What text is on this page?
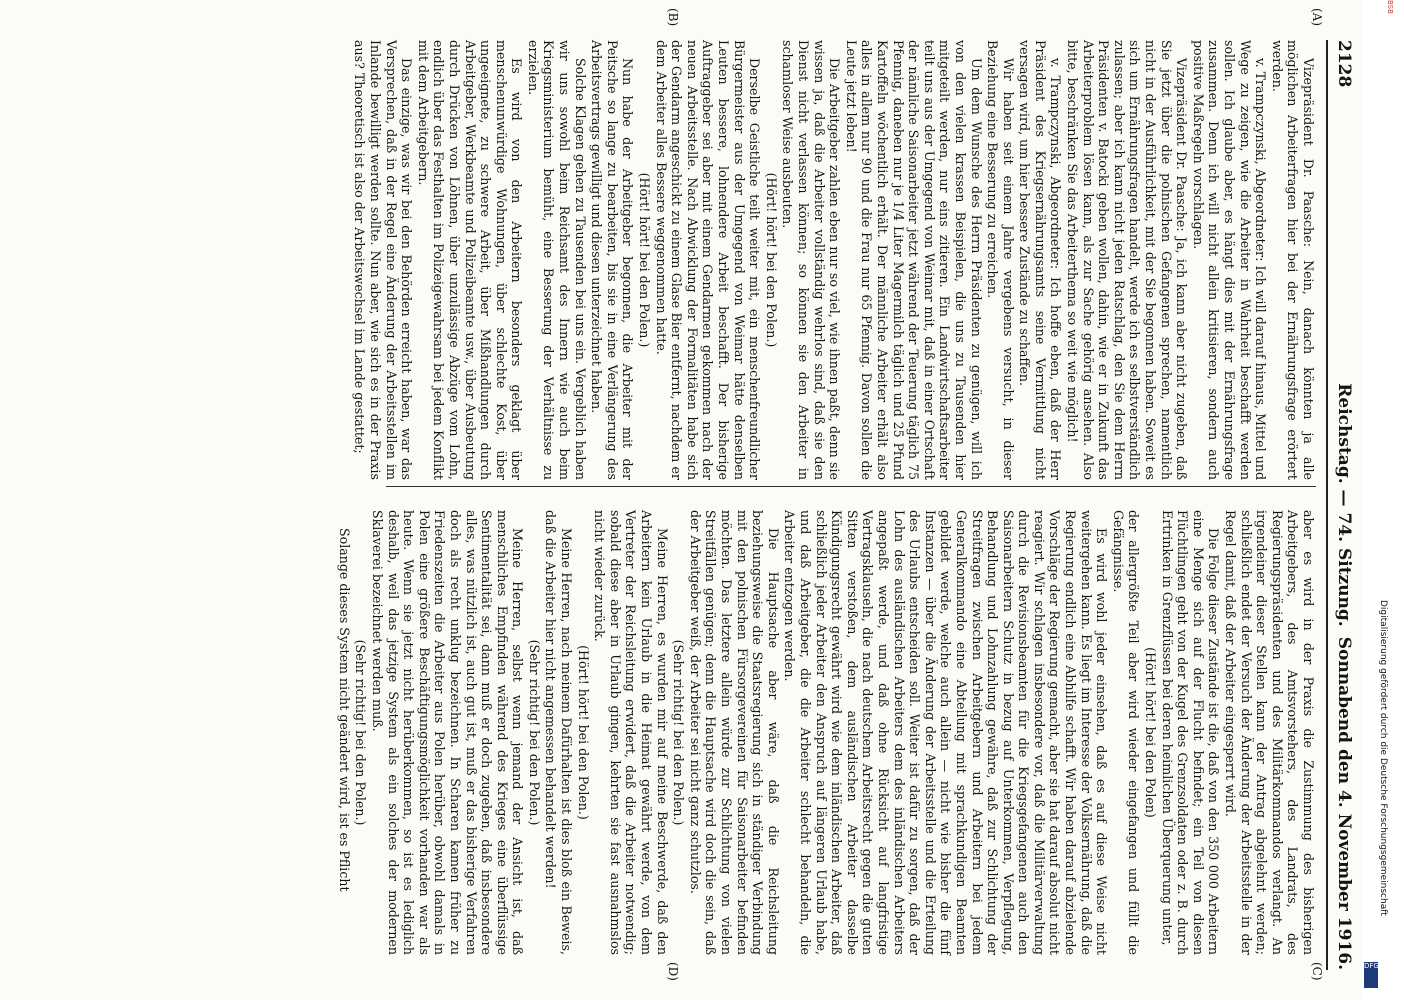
2128
Reichstag. — 74. Sitzung.
Sonnabend den 4. November 1916.
(A)
(B)
(C)
(D)

Vizepräsident Dr. Paasche: Nein, danach könnten ja alle möglichen Arbeiterfragen hier bei der Ernährungsfrage erörtert werden.

v. Trampczynski, Abgeordneter: Ich will darauf hinaus, Mittel und Wege zu zeigen, wie die Arbeiter in Wahrheit beschafft werden sollen. Ich glaube aber, es hängt dies mit der Ernährungsfrage zusammen. Denn ich will nicht allein kritisieren, sondern auch positive Maßregeln vorschlagen.

Vizepräsident Dr. Paasche: Ja, ich kann aber nicht zugeben, daß Sie jetzt über die polnischen Gefangenen sprechen, namentlich nicht in der Ausführlichkeit, mit der Sie begonnen haben. Soweit es sich um Ernährungsfragen handelt, werde ich es selbstverständlich zulassen; aber ich kann nicht jeden Ratschlag, den Sie dem Herrn Präsidenten v. Batocki geben wollen, dahin, wie er in Zukunft das Arbeiterproblem lösen kann, als zur Sache gehörig ansehen. Also bitte, beschränken Sie das Arbeiterthema so weit wie möglich!

v. Trampczynski, Abgeordneter: Ich hoffe eben, daß der Herr Präsident des Kriegsernährungsamts seine Vermittlung nicht versagen wird, um hier bessere Zustände zu schaffen.

Wir haben seit einem Jahre vergebens versucht, in dieser Beziehung eine Besserung zu erreichen.

Um dem Wunsche des Herrn Präsidenten zu genügen, will ich von den vielen krassen Beispielen, die uns zu Tausenden hier mitgeteilt werden, nur eins zitieren. Ein Landwirtschaftsarbeiter teilt uns aus der Umgegend von Weimar mit, daß in einer Ortschaft der nämliche Saisonarbeiter jetzt während der Teuerung täglich 75 Pfennig, daneben nur je 1/4 Liter Magermilch täglich und 25 Pfund Kartoffeln wöchentlich erhält. Der männliche Arbeiter erhält also alles in allem nur 90 und die Frau nur 65 Pfennig. Davon sollen die Leute jetzt leben!

Die Arbeitgeber zahlen eben nur so viel, wie ihnen paßt, denn sie wissen ja, daß die Arbeiter vollständig wehrlos sind, daß sie den Dienst nicht verlassen können; so können sie den Arbeiter in schamloser Weise ausbeuten.

(Hört! hört! bei den Polen.)

Derselbe Geistliche teilt weiter mit, ein menschenfreundlicher Bürgermeister aus der Umgegend von Weimar hätte denselben Leuten bessere, lohnendere Arbeit beschafft. Der bisherige Auftraggeber sei aber mit einem Gendarmen gekommen nach der neuen Arbeitsstelle. Nach Abwicklung der Formalitäten habe sich der Gendarm angeschickt zu einem Glase Bier entfernt, nachdem er dem Arbeiter alles Bessere weggenommen hatte.

(Hört! hört! bei den Polen.)

Nun habe der Arbeitgeber begonnen, die Arbeiter mit der Peitsche so lange zu bearbeiten, bis sie in eine Verlängerung des Arbeitsvertrags gewilligt und diesen unterzeichnet haben.

Solche Klagen gehen zu Tausenden bei uns ein. Vergeblich haben wir uns sowohl beim Reichsamt des Innern wie auch beim Kriegsministerium bemüht, eine Besserung der Verhältnisse zu erzielen.

Es wird von den Arbeitern besonders geklagt über menschenunwürdige Wohnungen, über schlechte Kost, über ungeeignete, zu schwere Arbeit, über Mißhandlungen durch Arbeitgeber, Werkbeamte und Polizeibeamte usw., über Ausbeutung durch Drücken von Löhnen, über unzulässige Abzüge vom Lohn, endlich über das Festhalten im Polizeigewahrsam bei jedem Konflikt mit dem Arbeitgebern.

Das einzige, was wir bei den Behörden erreicht haben, war das Versprechen, daß in der Regel eine Änderung der Arbeitsstellen im Inlande bewilligt werden sollte. Nun aber, wie sich es in der Praxis aus? Theoretisch ist also der Arbeitswechsel im Lande gestattet;

aber es wird in der Praxis die Zustimmung des bisherigen Arbeitgebers, des Amtsvorstehers, des Landrats, des Regierungspräsidenten und des Militärkommandos verlangt. An irgendeiner dieser Stellen kann der Antrag abgelehnt werden; schließlich endet der Versuch der Änderung der Arbeitsstelle in der Regel damit, daß der Arbeiter eingesperrt wird.

Die Folge dieser Zustände ist die, daß von den 350 000 Arbeitern eine Menge sich auf der Flucht befindet; ein Teil von diesen Flüchtlingen geht von der Kugel des Grenzsoldaten oder z. B. durch Ertrinken in Grenzflüssen bei deren heimlichen Überquerung unter,

(Hört! hört! bei den Polen)

der allergrößte Teil aber wird wieder eingefangen und füllt die Gefängnisse.

Es wird wohl jeder einsehen, daß es auf diese Weise nicht weitergehen kann. Es liegt im Interesse der Volksernährung, daß die Regierung endlich eine Abhilfe schafft. Wir haben darauf abzielende Vorschläge der Regierung gemacht, aber sie hat darauf absolut nicht reagiert. Wir schlagen insbesondere vor, daß die Militärverwaltung durch die Revisionsbeamten für die Kriegsgefangenen auch den Saisonarbeitern Schutz in bezug auf Unterkommen, Verpflegung, Behandlung und Lohnzahlung gewähre, daß zur Schlichtung der Streitfragen zwischen Arbeitgebern und Arbeitern bei jedem Generalkommando eine Abteilung mit sprachkundigen Beamten gebildet werde, welche auch allein — nicht wie bisher die fünf Instanzen — über die Änderung der Arbeitsstelle und die Erteilung des Urlaubs entscheiden soll. Weiter ist dafür zu sorgen, daß der Lohn des ausländischen Arbeiters dem des inländischen Arbeiters angepaßt werde, und daß ohne Rücksicht auf langfristige Vertragsklauseln, die nach deutschem Arbeitsrecht gegen die guten Sitten verstoßen, dem ausländischen Arbeiter dasselbe Kündigungsrecht gewährt wird wie dem inländischen Arbeiter, daß schließlich jeder Arbeiter den Anspruch auf längeren Urlaub habe, und daß Arbeitgeber, die die Arbeiter schlecht behandeln, die Arbeiter entzogen werden.

Die Hauptsache aber wäre, daß die Reichsleitung beziehungsweise die Staatsregierung sich in ständiger Verbindung mit den polnischen Fürsorgevereinen für Saisonarbeiter befinden möchten. Das letztere allein würde zur Schlichtung von vielen Streitfällen genügen; denn die Hauptsache wird doch die sein, daß der Arbeitgeber weiß, der Arbeiter sei nicht ganz schutzlos.

(Sehr richtig! bei den Polen.)

Meine Herren, es wurden mir auf meine Beschwerde, daß den Arbeitern kein Urlaub in die Heimat gewährt werde, von dem Vertreter der Reichsleitung erwidert, daß die Arbeiter notwendig; sobald diese aber in Urlaub gingen, kehrten sie fast ausnahmslos nicht wieder zurück.

(Hört! hört! bei den Polen.)

Meine Herren, nach meinem Dafürhalten ist dies bloß ein Beweis, daß die Arbeiter hier nicht angemessen behandelt werden!

(Sehr richtig! bei den Polen.)

Meine Herren, selbst wenn jemand der Ansicht ist, daß menschliches Empfinden während des Krieges eine überflüssige Sentimentalität sei, dann muß er doch zugeben, daß insbesondere alles, was nützlich ist, auch gut ist, muß er das bisherige Verfahren doch als recht unklug bezeichnen. In Scharen kamen früher zu Friedenszeiten die Arbeiter aus Polen herüber, obwohl damals in Polen eine größere Beschäftigungsmöglichkeit vorhanden war als heute. Wenn sie jetzt nicht herüberkommen, so ist es lediglich deshalb, weil das jetzige System als ein solches der modernen Sklaverei bezeichnet werden muß.

(Sehr richtig! bei den Polen.)

Solange dieses System nicht geändert wird, ist es Pflicht	Digitalisierung gefördert durch die Deutsche Forschungsgemeinschaft
DFG
BSB
